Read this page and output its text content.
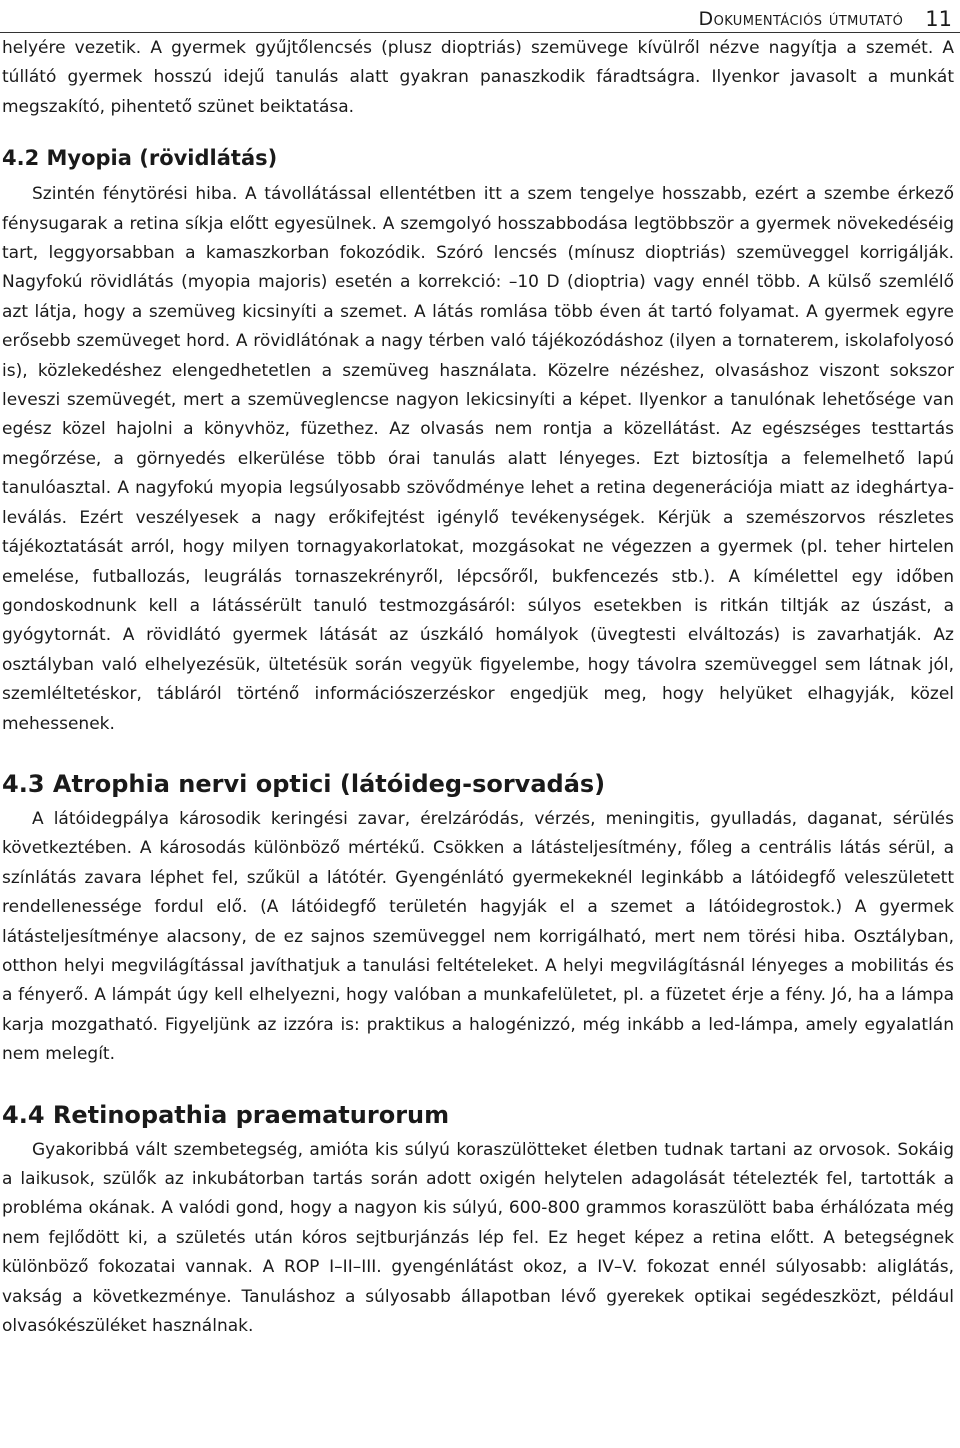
Dokumentációs útmutató 11

helyére vezetik. A gyermek gyűjtőlencsés (plusz dioptriás) szemüvege kívülről nézve nagyítja a szemét. A túllátó gyermek hosszú idejű tanulás alatt gyakran panaszkodik fáradtságra. Ilyenkor javasolt a munkát megszakító, pihentető szünet beiktatása.

4.2 Myopia (rövidlátás)

Szintén fénytörési hiba. A távollátással ellentétben itt a szem tengelye hosszabb, ezért a szembe érkező fénysugarak a retina síkja előtt egyesülnek. A szemgolyó hosszabbodása legtöbbször a gyermek növekedéséig tart, leggyorsabban a kamaszkorban fokozódik. Szóró lencsés (mínusz dioptriás) szemüveggel korrigálják. Nagyfokú rövidlátás (myopia majoris) esetén a korrekció: –10 D (dioptria) vagy ennél több. A külső szemlélő azt látja, hogy a szemüveg kicsinyíti a szemet. A látás romlása több éven át tartó folyamat. A gyermek egyre erősebb szemüveget hord. A rövidlátónak a nagy térben való tájékozódáshoz (ilyen a tornaterem, iskolafolyosó is), közlekedéshez elengedhetetlen a szemüveg használata. Közelre nézéshez, olvasáshoz viszont sokszor leveszi szemüvegét, mert a szemüveglencse nagyon lekicsinyíti a képet. Ilyenkor a tanulónak lehetősége van egész közel hajolni a könyvhöz, füzethez. Az olvasás nem rontja a közellátást. Az egészséges testtartás megőrzése, a görnyedés elkerülése több órai tanulás alatt lényeges. Ezt biztosítja a felemelhető lapú tanulóasztal. A nagyfokú myopia legsúlyosabb szövődménye lehet a retina degenerációja miatt az ideghártya-leválás. Ezért veszélyesek a nagy erőkifejtést igénylő tevékenységek. Kérjük a szemészorvos részletes tájékoztatását arról, hogy milyen tornagyakorlatokat, mozgásokat ne végezzen a gyermek (pl. teher hirtelen emelése, futballozás, leugrálás tornaszekrényről, lépcsőről, bukfencezés stb.). A kímélettel egy időben gondoskodnunk kell a látássérült tanuló testmozgásáról: súlyos esetekben is ritkán tiltják az úszást, a gyógytornát. A rövidlátó gyermek látását az úszkáló homályok (üvegtesti elváltozás) is zavarhatják. Az osztályban való elhelyezésük, ültetésük során vegyük figyelembe, hogy távolra szemüveggel sem látnak jól, szemléltetéskor, tábláról történő információszerzéskor engedjük meg, hogy helyüket elhagyják, közel mehessenek.

4.3 Atrophia nervi optici (látóideg-sorvadás)

A látóidegpálya károsodik keringési zavar, érelzáródás, vérzés, meningitis, gyulladás, daganat, sérülés következtében. A károsodás különböző mértékű. Csökken a látásteljesítmény, főleg a centrális látás sérül, a színlátás zavara léphet fel, szűkül a látótér. Gyengénlátó gyermekeknél leginkább a látóidegfő veleszületett rendellenessége fordul elő. (A látóidegfő területén hagyják el a szemet a látóidegrostok.) A gyermek látásteljesítménye alacsony, de ez sajnos szemüveggel nem korrigálható, mert nem törési hiba. Osztályban, otthon helyi megvilágítással javíthatjuk a tanulási feltételeket. A helyi megvilágításnál lényeges a mobilitás és a fényerő. A lámpát úgy kell elhelyezni, hogy valóban a munkafelületet, pl. a füzetet érje a fény. Jó, ha a lámpa karja mozgatható. Figyeljünk az izzóra is: praktikus a halogénizzó, még inkább a led-lámpa, amely egyalatlán nem melegít.

4.4 Retinopathia praematurorum

Gyakoribbá vált szembetegség, amióta kis súlyú koraszülötteket életben tudnak tartani az orvosok. Sokáig a laikusok, szülők az inkubátorban tartás során adott oxigén helytelen adagolását tételezték fel, tartották a probléma okának. A valódi gond, hogy a nagyon kis súlyú, 600-800 grammos koraszülött baba érhálózata még nem fejlődött ki, a születés után kóros sejtburjánzás lép fel. Ez heget képez a retina előtt. A betegségnek különböző fokozatai vannak. A ROP I–II–III. gyengénlátást okoz, a IV–V. fokozat ennél súlyosabb: aliglátás, vakság a következménye. Tanuláshoz a súlyosabb állapotban lévő gyerekek optikai segédeszközt, például olvasókészüléket használnak.
